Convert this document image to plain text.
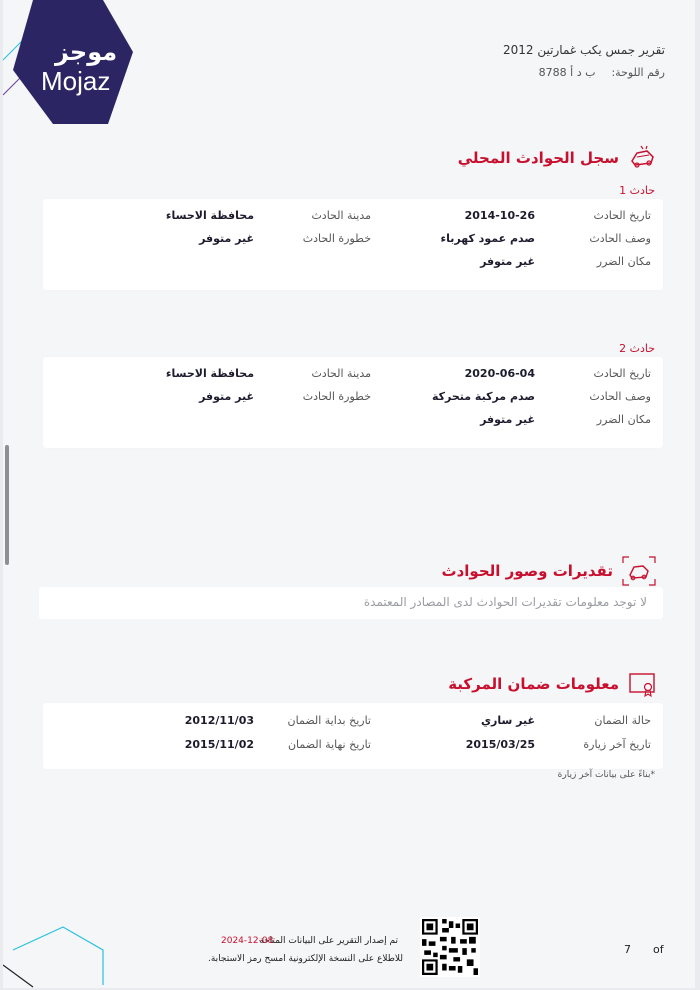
موجز
Mojaz
تقرير جمس يكب غمارتين 2012
رقم اللوحة:
ب د أ 8788
سجل الحوادث المحلي
حادث 1
تاريخ الحادث
2014-10-26
مدينة الحادث
محافظة الاحساء
وصف الحادث
صدم عمود كهرباء
خطورة الحادث
غير متوفر
مكان الضرر
غير متوفر
حادث 2
تاريخ الحادث
2020-06-04
مدينة الحادث
محافظة الاحساء
وصف الحادث
صدم مركبة متحركة
خطورة الحادث
غير متوفر
مكان الضرر
غير متوفر
تقديرات وصور الحوادث
لا توجد معلومات تقديرات الحوادث لدى المصادر المعتمدة
معلومات ضمان المركبة
حالة الضمان
غير ساري
تاريخ بداية الضمان
2012/11/03
تاريخ آخر زيارة
2015/03/25
تاريخ نهاية الضمان
2015/11/02
*بناءً على بيانات آخر زيارة
تم إصدار التقرير على البيانات المتاحة
2024-12-08
للاطلاع على النسخة الإلكترونية امسح رمز الاستجابة.
7 of
